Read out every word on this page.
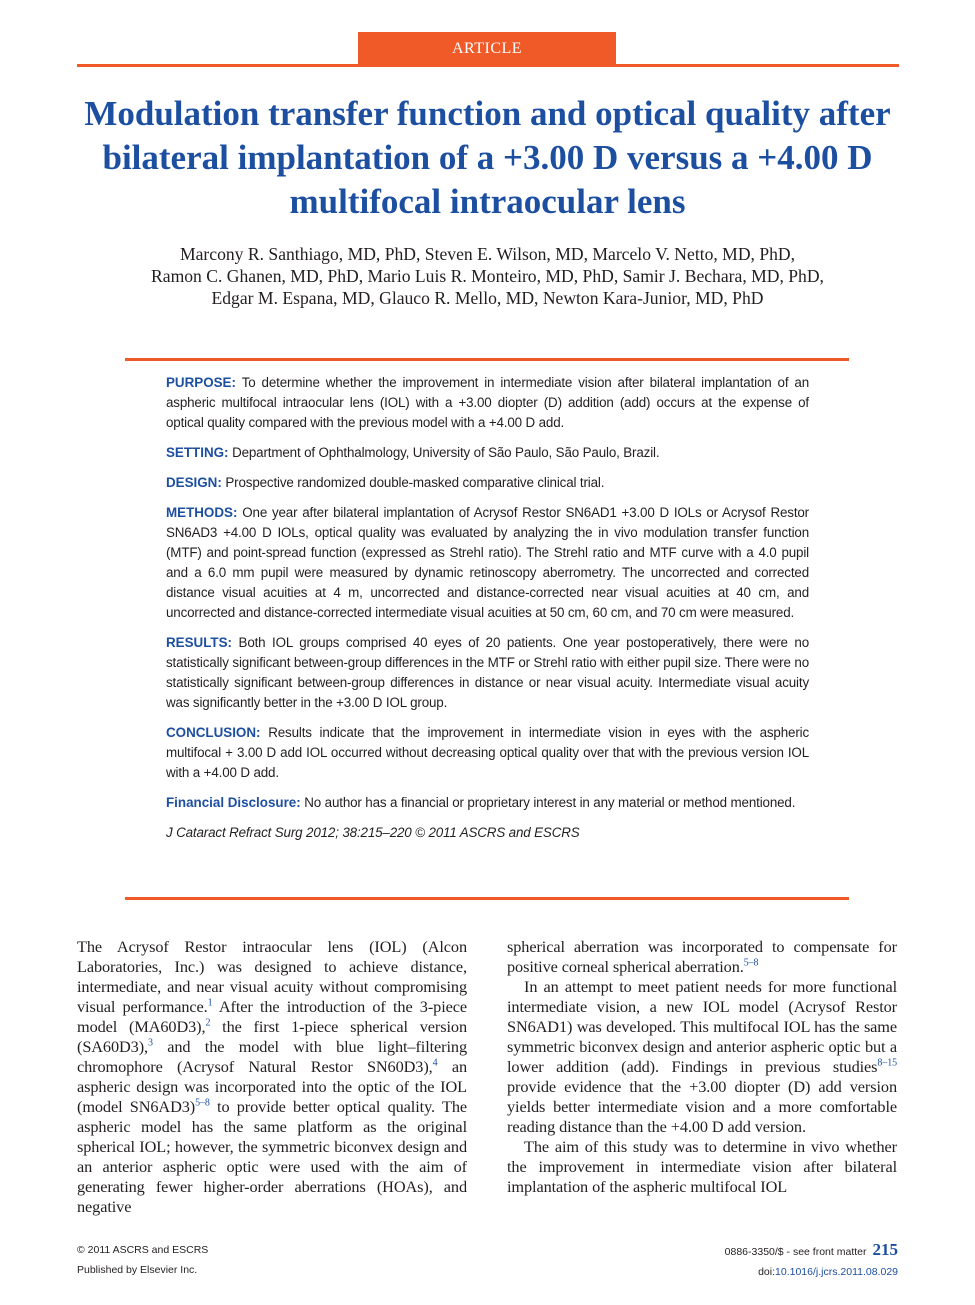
ARTICLE
Modulation transfer function and optical quality after bilateral implantation of a +3.00 D versus a +4.00 D multifocal intraocular lens
Marcony R. Santhiago, MD, PhD, Steven E. Wilson, MD, Marcelo V. Netto, MD, PhD,
Ramon C. Ghanen, MD, PhD, Mario Luis R. Monteiro, MD, PhD, Samir J. Bechara, MD, PhD,
Edgar M. Espana, MD, Glauco R. Mello, MD, Newton Kara-Junior, MD, PhD

PURPOSE: To determine whether the improvement in intermediate vision after bilateral implantation of an aspheric multifocal intraocular lens (IOL) with a +3.00 diopter (D) addition (add) occurs at the expense of optical quality compared with the previous model with a +4.00 D add.

SETTING: Department of Ophthalmology, University of São Paulo, São Paulo, Brazil.

DESIGN: Prospective randomized double-masked comparative clinical trial.

METHODS: One year after bilateral implantation of Acrysof Restor SN6AD1 +3.00 D IOLs or Acrysof Restor SN6AD3 +4.00 D IOLs, optical quality was evaluated by analyzing the in vivo modulation transfer function (MTF) and point-spread function (expressed as Strehl ratio). The Strehl ratio and MTF curve with a 4.0 pupil and a 6.0 mm pupil were measured by dynamic retinoscopy aberrometry. The uncorrected and corrected distance visual acuities at 4 m, uncorrected and distance-corrected near visual acuities at 40 cm, and uncorrected and distance-corrected intermediate visual acuities at 50 cm, 60 cm, and 70 cm were measured.

RESULTS: Both IOL groups comprised 40 eyes of 20 patients. One year postoperatively, there were no statistically significant between-group differences in the MTF or Strehl ratio with either pupil size. There were no statistically significant between-group differences in distance or near visual acuity. Intermediate visual acuity was significantly better in the +3.00 D IOL group.

CONCLUSION: Results indicate that the improvement in intermediate vision in eyes with the aspheric multifocal + 3.00 D add IOL occurred without decreasing optical quality over that with the previous version IOL with a +4.00 D add.

Financial Disclosure: No author has a financial or proprietary interest in any material or method mentioned.

J Cataract Refract Surg 2012; 38:215–220 © 2011 ASCRS and ESCRS

The Acrysof Restor intraocular lens (IOL) (Alcon Laboratories, Inc.) was designed to achieve distance, intermediate, and near visual acuity without compromising visual performance.$^1$ After the introduction of the 3-piece model (MA60D3),$^2$ the first 1-piece spherical version (SA60D3),$^3$ and the model with blue light–filtering chromophore (Acrysof Natural Restor SN60D3),$^4$ an aspheric design was incorporated into the optic of the IOL (model SN6AD3)$^{5-8}$ to provide better optical quality. The aspheric model has the same platform as the original spherical IOL; however, the symmetric biconvex design and an anterior aspheric optic were used with the aim of generating fewer higher-order aberrations (HOAs), and negative

spherical aberration was incorporated to compensate for positive corneal spherical aberration.$^{5-8}$

In an attempt to meet patient needs for more functional intermediate vision, a new IOL model (Acrysof Restor SN6AD1) was developed. This multifocal IOL has the same symmetric biconvex design and anterior aspheric optic but a lower addition (add). Findings in previous studies$^{8-15}$ provide evidence that the +3.00 diopter (D) add version yields better intermediate vision and a more comfortable reading distance than the +4.00 D add version.

The aim of this study was to determine in vivo whether the improvement in intermediate vision after bilateral implantation of the aspheric multifocal IOL

© 2011 ASCRS and ESCRS
Published by Elsevier Inc.
0886-3350/$ - see front matter 215
doi:10.1016/j.jcrs.2011.08.029
